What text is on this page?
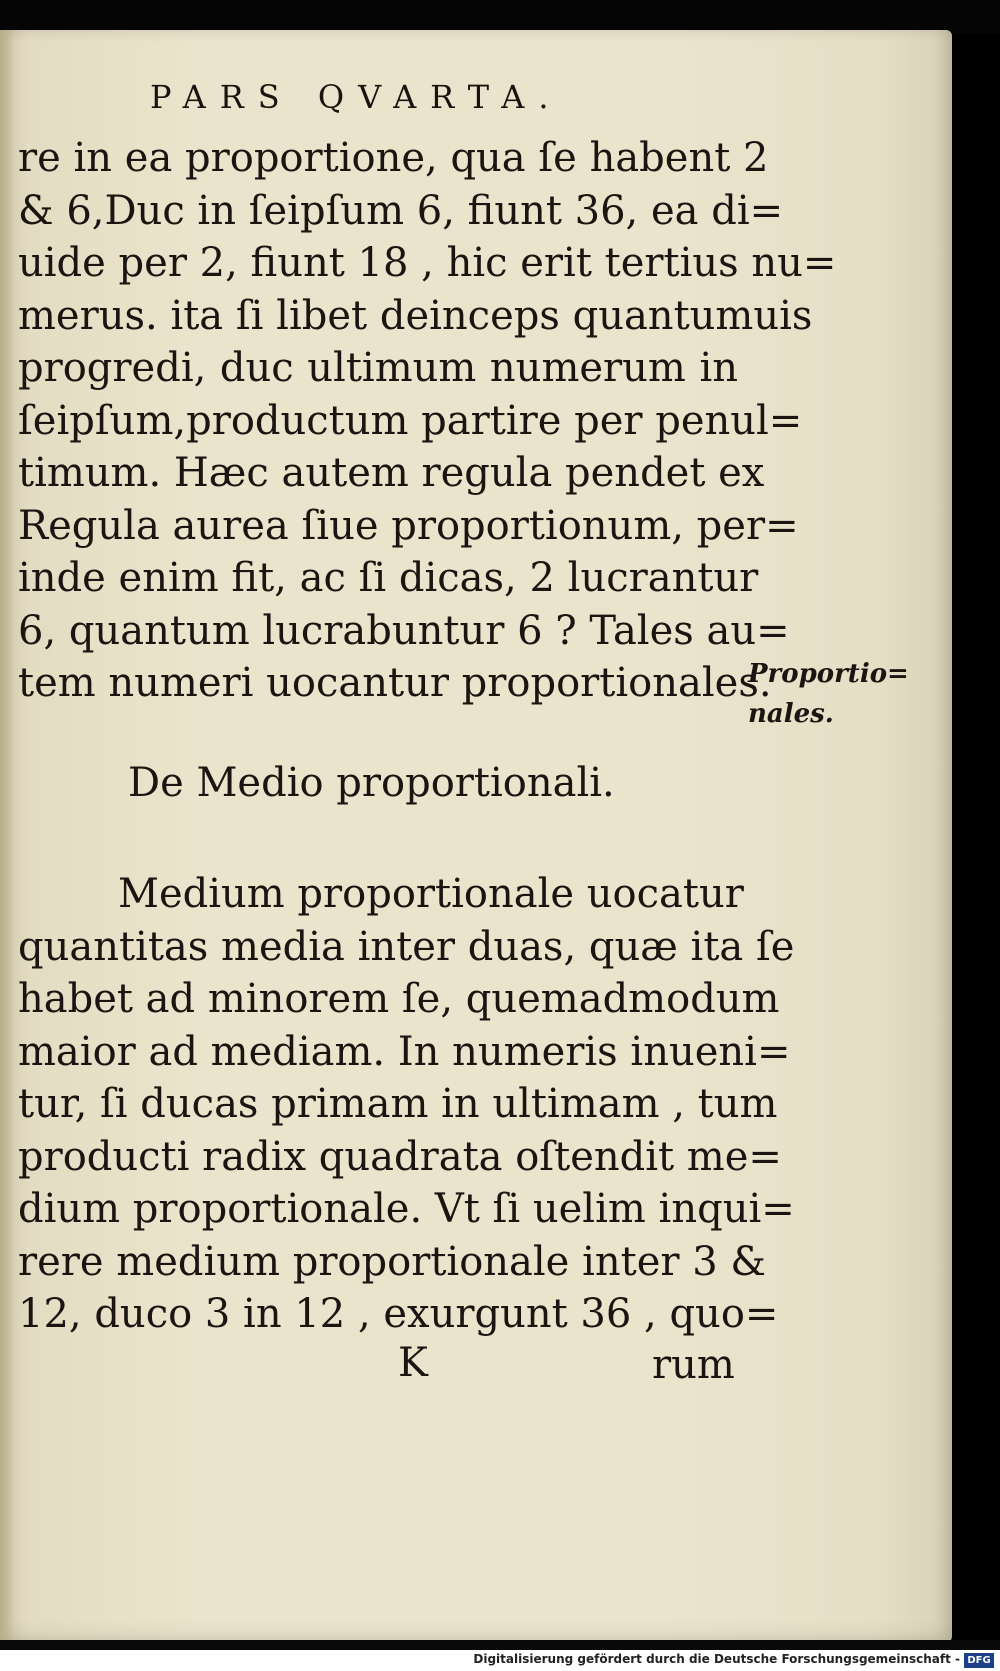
PARS QVARTA.
re in ea proportione, qua ſe habent 2
& 6,Duc in ſeipſum 6, fiunt 36, ea di=
uide per 2, fiunt 18 , hic erit tertius nu=
merus. ita ſi libet deinceps quantumuis
progredi, duc ultimum numerum in
ſeipſum,productum partire per penul=
timum. Hæc autem regula pendet ex
Regula aurea ſiue proportionum, per=
inde enim fit, ac ſi dicas, 2 lucrantur
6, quantum lucrabuntur 6 ? Tales au=
tem numeri uocantur proportionales.
Proportio=
nales.
De Medio proportionali.
Medium proportionale uocatur
quantitas media inter duas, quæ ita ſe
habet ad minorem ſe, quemadmodum
maior ad mediam. In numeris inueni=
tur, ſi ducas primam in ultimam , tum
producti radix quadrata oſtendit me=
dium proportionale. Vt ſi uelim inqui=
rere medium proportionale inter 3 &
12, duco 3 in 12 , exurgunt 36 , quo=
K	rum
Digitalisierung gefördert durch die Deutsche Forschungsgemeinschaft - DFG
